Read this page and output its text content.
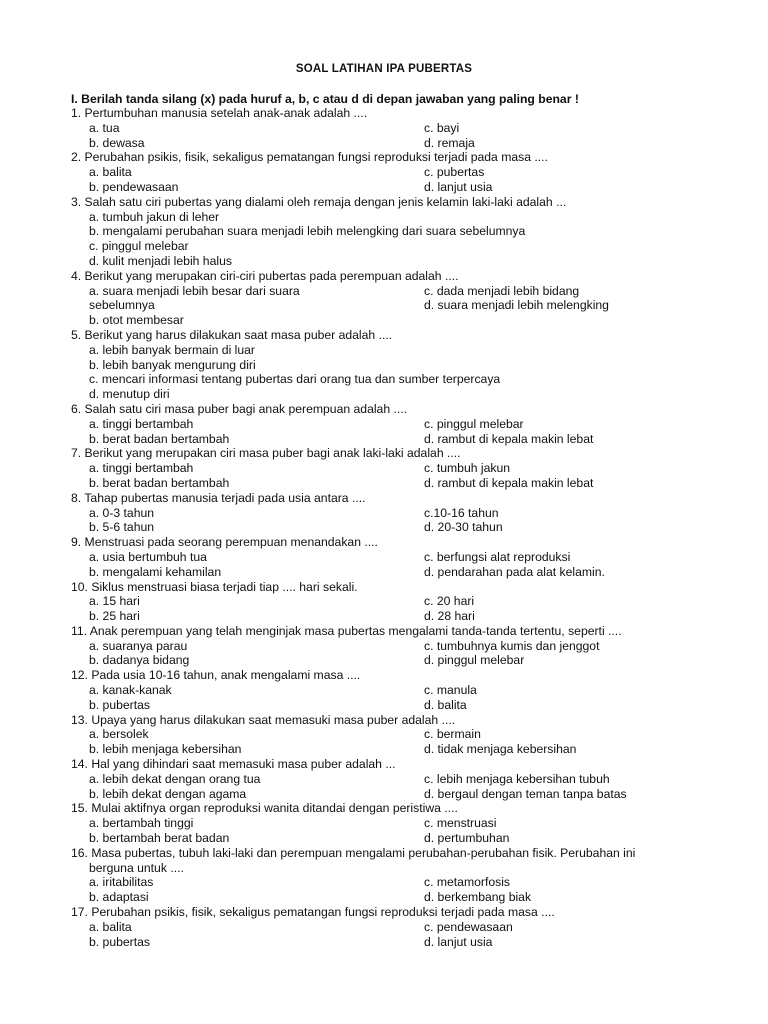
SOAL LATIHAN IPA PUBERTAS
I. Berilah tanda silang (x) pada huruf a, b, c atau d di depan jawaban yang paling benar !
1. Pertumbuhan manusia setelah anak-anak adalah ....
a. tua	c. bayi
b. dewasa	d. remaja
2. Perubahan psikis, fisik, sekaligus pematangan fungsi reproduksi terjadi pada masa ....
a. balita	c. pubertas
b. pendewasaan	d. lanjut usia
3. Salah satu ciri pubertas yang dialami oleh remaja dengan jenis kelamin laki-laki adalah ...
a. tumbuh jakun di leher
b. mengalami perubahan suara menjadi lebih melengking dari suara sebelumnya
c. pinggul melebar
d. kulit menjadi lebih halus
4. Berikut yang merupakan ciri-ciri pubertas pada perempuan adalah ....
a. suara menjadi lebih besar dari suara	c. dada menjadi lebih bidang
sebelumnya	d. suara menjadi lebih melengking
b. otot membesar
5. Berikut yang harus dilakukan saat masa puber adalah ....
a. lebih banyak bermain di luar
b. lebih banyak mengurung diri
c. mencari informasi tentang pubertas dari orang tua dan sumber terpercaya
d. menutup diri
6. Salah satu ciri masa puber bagi anak perempuan adalah ....
a. tinggi bertambah	c. pinggul melebar
b. berat badan bertambah	d. rambut di kepala makin lebat
7. Berikut yang merupakan ciri masa puber bagi anak laki-laki adalah ....
a. tinggi bertambah	c. tumbuh jakun
b. berat badan bertambah	d. rambut di kepala makin lebat
8. Tahap pubertas manusia terjadi pada usia antara ....
a. 0-3 tahun	c.10-16 tahun
b. 5-6 tahun	d. 20-30 tahun
9. Menstruasi pada seorang perempuan menandakan ....
a. usia bertumbuh tua	c. berfungsi alat reproduksi
b. mengalami kehamilan	d. pendarahan pada alat kelamin.
10. Siklus menstruasi biasa terjadi tiap .... hari sekali.
a. 15 hari	c. 20 hari
b. 25 hari	d. 28 hari
11. Anak perempuan yang telah menginjak masa pubertas mengalami tanda-tanda tertentu, seperti ....
a. suaranya parau	c. tumbuhnya kumis dan jenggot
b. dadanya bidang	d. pinggul melebar
12. Pada usia 10-16 tahun, anak mengalami masa ....
a. kanak-kanak	c. manula
b. pubertas	d. balita
13. Upaya yang harus dilakukan saat memasuki masa puber adalah ....
a. bersolek	c. bermain
b. lebih menjaga kebersihan	d. tidak menjaga kebersihan
14. Hal yang dihindari saat memasuki masa puber adalah ...
a. lebih dekat dengan orang tua	c. lebih menjaga kebersihan tubuh
b. lebih dekat dengan agama	d. bergaul dengan teman tanpa batas
15. Mulai aktifnya organ reproduksi wanita ditandai dengan peristiwa ....
a. bertambah tinggi	c. menstruasi
b. bertambah berat badan	d. pertumbuhan
16. Masa pubertas, tubuh laki-laki dan perempuan mengalami perubahan-perubahan fisik. Perubahan ini
berguna untuk ....
a. iritabilitas	c. metamorfosis
b. adaptasi	d. berkembang biak
17. Perubahan psikis, fisik, sekaligus pematangan fungsi reproduksi terjadi pada masa ....
a. balita	c. pendewasaan
b. pubertas	d. lanjut usia
